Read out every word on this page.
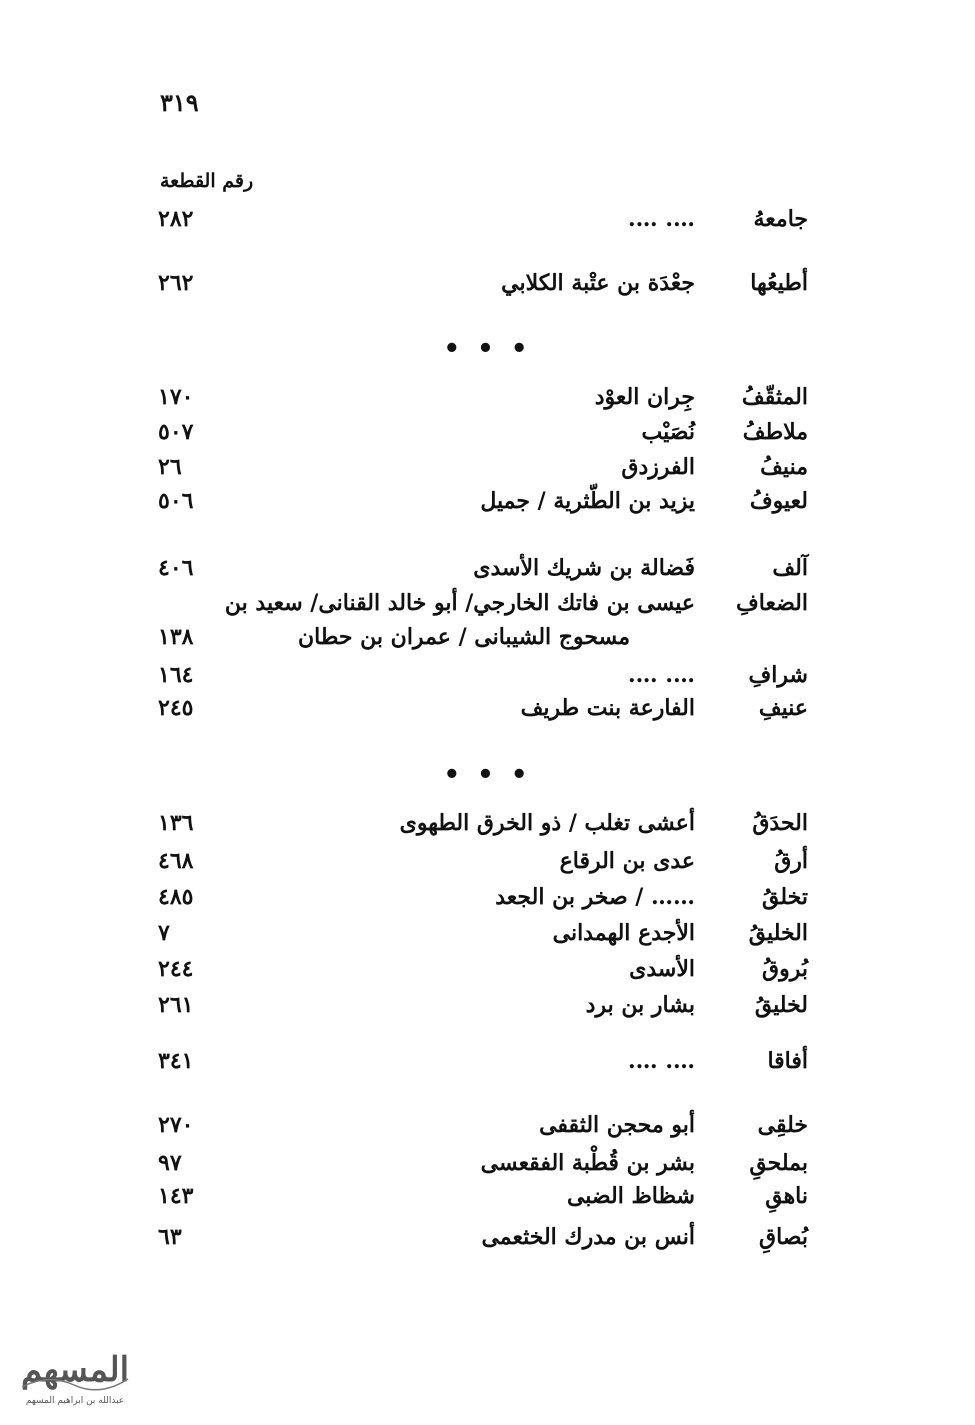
٣١٩
رقم القطعة
جامعهُ
…. ….
٢٨٢
أطيعُها
جعْدَة بن عتْبة الكلابي
٢٦٢
• • •
المثقّفُ
جِران العوْد
١٧٠
ملاطفُ
نُصَيْب
٥٠٧
منيفُ
الفرزدق
٢٦
لعيوفُ
يزيد بن الطّثرية / جميل
٥٠٦
آلف
فَضالة بن شريك الأسدى
٤٠٦
الضعافِ
عيسى بن فاتك الخارجي/ أبو خالد القنانى/ سعيد بن
مسحوج الشيبانى / عمران بن حطان
١٣٨
شرافِ
…. ….
١٦٤
عنيفِ
الفارعة بنت طريف
٢٤٥
• • •
الحدَقُ
أعشى تغلب / ذو الخرق الطهوى
١٣٦
أرقُ
عدى بن الرقاع
٤٦٨
تخلقُ
…… / صخر بن الجعد
٤٨٥
الخليقُ
الأجدع الهمدانى
٧
بُروقُ
الأسدى
٢٤٤
لخليقُ
بشار بن برد
٢٦١
أفاقا
…. ….
٣٤١
خلقِى
أبو محجن الثقفى
٢٧٠
بملحقِ
بشر بن قُطْبة الفقعسى
٩٧
ناهقِ
شظاظ الضبى
١٤٣
بُصاقِ
أنس بن مدرك الخثعمى
٦٣
المسهم
عبدالله بن ابراهيم المسهم
